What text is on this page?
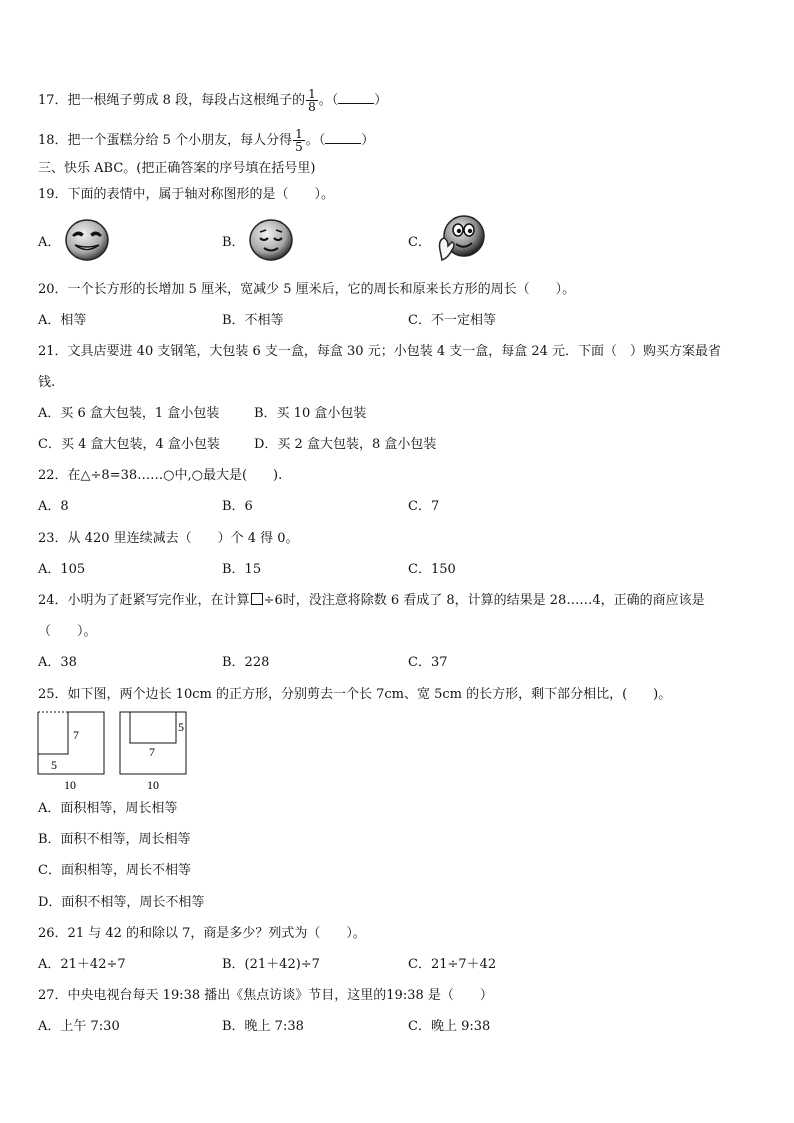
17．把一根绳子剪成 8 段，每段占这根绳子的 $\frac{1}{8}$ 。（	）
18．把一个蛋糕分给 5 个小朋友，每人分得 $\frac{1}{5}$ 。（	）
三、快乐 ABC。(把正确答案的序号填在括号里)
19．下面的表情中，属于轴对称图形的是（　　）。
A．	B．	C．
20．一个长方形的长增加 5 厘米，宽减少 5 厘米后，它的周长和原来长方形的周长（　　）。
A．相等	B．不相等	C．不一定相等
21．文具店要进 40 支钢笔，大包装 6 支一盒，每盒 30 元；小包装 4 支一盒，每盒 24 元．下面（　）购买方案最省
钱.
A．买 6 盒大包装，1 盒小包装	B．买 10 盒小包装
C．买 4 盒大包装，4 盒小包装	D．买 2 盒大包装，8 盒小包装
22．在△÷8=38……○中,○最大是(　　).
A．8	B．6	C．7
23．从 420 里连续减去（　　）个 4 得 0。
A．105	B．15	C．150
24．小明为了赶紧写完作业，在计算 ÷6时，没注意将除数 6 看成了 8，计算的结果是 28……4，正确的商应该是
（　　）。
A．38	B．228	C．37
25．如下图，两个边长 10cm 的正方形，分别剪去一个长 7cm、宽 5cm 的长方形，剩下部分相比，(　　)。
7
5
10
5
7
10
A．面积相等，周长相等
B．面积不相等，周长相等
C．面积相等，周长不相等
D．面积不相等，周长不相等
26．21 与 42 的和除以 7，商是多少？列式为（　　）。
A．21＋42÷7	B．(21＋42)÷7	C．21÷7＋42
27．中央电视台每天 19:38 播出《焦点访谈》节目，这里的19:38 是（　　）
A．上午 7:30	B．晚上 7:38	C．晚上 9:38
